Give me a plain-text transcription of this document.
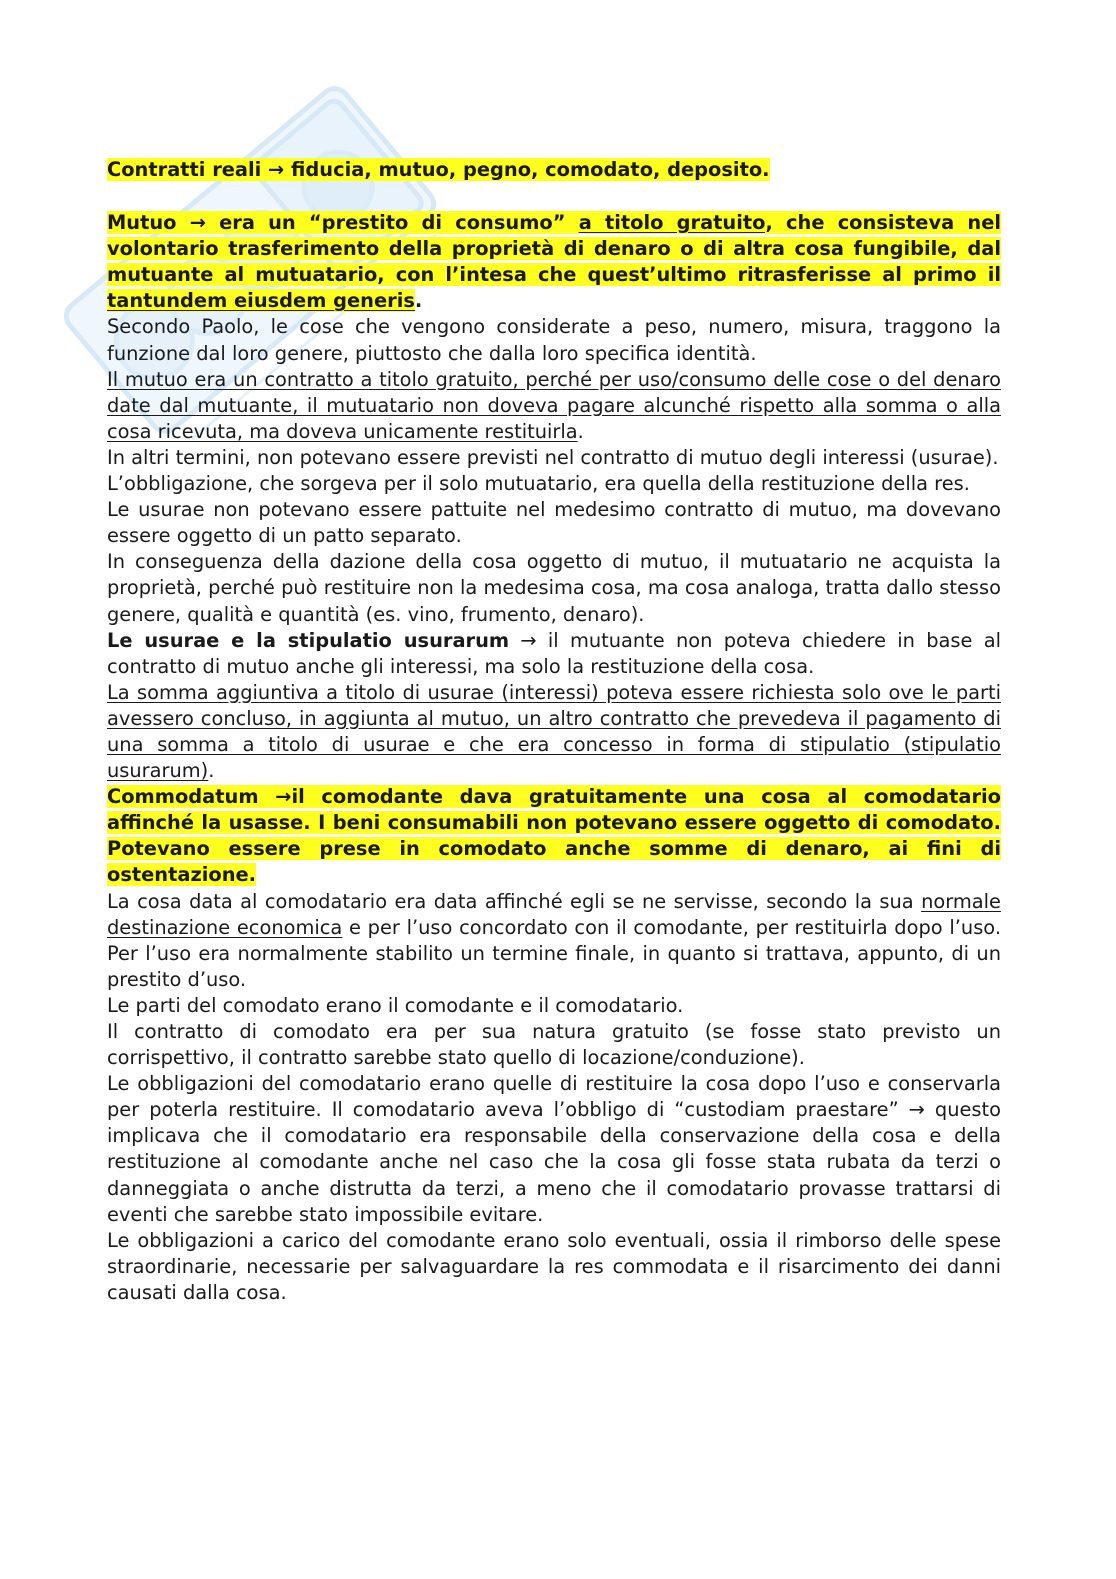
Contratti reali → fiducia, mutuo, pegno, comodato, deposito.

Mutuo → era un “prestito di consumo” a titolo gratuito, che consisteva nel volontario trasferimento della proprietà di denaro o di altra cosa fungibile, dal mutuante al mutuatario, con l’intesa che quest’ultimo ritrasferisse al primo il tantundem eiusdem generis.

Secondo Paolo, le cose che vengono considerate a peso, numero, misura, traggono la funzione dal loro genere, piuttosto che dalla loro specifica identità.

Il mutuo era un contratto a titolo gratuito, perché per uso/consumo delle cose o del denaro date dal mutuante, il mutuatario non doveva pagare alcunché rispetto alla somma o alla cosa ricevuta, ma doveva unicamente restituirla.

In altri termini, non potevano essere previsti nel contratto di mutuo degli interessi (usurae).

L’obbligazione, che sorgeva per il solo mutuatario, era quella della restituzione della res.

Le usurae non potevano essere pattuite nel medesimo contratto di mutuo, ma dovevano essere oggetto di un patto separato.

In conseguenza della dazione della cosa oggetto di mutuo, il mutuatario ne acquista la proprietà, perché può restituire non la medesima cosa, ma cosa analoga, tratta dallo stesso genere, qualità e quantità (es. vino, frumento, denaro).

Le usurae e la stipulatio usurarum → il mutuante non poteva chiedere in base al contratto di mutuo anche gli interessi, ma solo la restituzione della cosa.

La somma aggiuntiva a titolo di usurae (interessi) poteva essere richiesta solo ove le parti avessero concluso, in aggiunta al mutuo, un altro contratto che prevedeva il pagamento di una somma a titolo di usurae e che era concesso in forma di stipulatio (stipulatio usurarum).

Commodatum →il comodante dava gratuitamente una cosa al comodatario affinché la usasse. I beni consumabili non potevano essere oggetto di comodato. Potevano essere prese in comodato anche somme di denaro, ai fini di ostentazione.

La cosa data al comodatario era data affinché egli se ne servisse, secondo la sua normale destinazione economica e per l’uso concordato con il comodante, per restituirla dopo l’uso. Per l’uso era normalmente stabilito un termine finale, in quanto si trattava, appunto, di un prestito d’uso.

Le parti del comodato erano il comodante e il comodatario.

Il contratto di comodato era per sua natura gratuito (se fosse stato previsto un corrispettivo, il contratto sarebbe stato quello di locazione/conduzione).

Le obbligazioni del comodatario erano quelle di restituire la cosa dopo l’uso e conservarla per poterla restituire. Il comodatario aveva l’obbligo di “custodiam praestare” → questo implicava che il comodatario era responsabile della conservazione della cosa e della restituzione al comodante anche nel caso che la cosa gli fosse stata rubata da terzi o danneggiata o anche distrutta da terzi, a meno che il comodatario provasse trattarsi di eventi che sarebbe stato impossibile evitare.

Le obbligazioni a carico del comodante erano solo eventuali, ossia il rimborso delle spese straordinarie, necessarie per salvaguardare la res commodata e il risarcimento dei danni causati dalla cosa.
